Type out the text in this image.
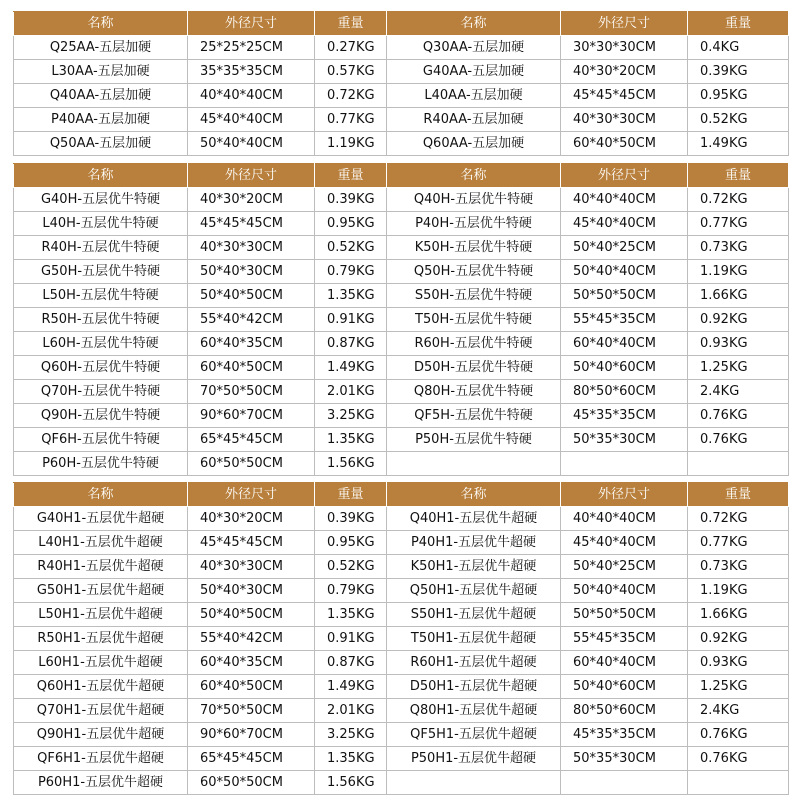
名称	外径尺寸	重量	名称	外径尺寸	重量
Q25AA-五层加硬	25*25*25CM	0.27KG	Q30AA-五层加硬	30*30*30CM	0.4KG
L30AA-五层加硬	35*35*35CM	0.57KG	G40AA-五层加硬	40*30*20CM	0.39KG
Q40AA-五层加硬	40*40*40CM	0.72KG	L40AA-五层加硬	45*45*45CM	0.95KG
P40AA-五层加硬	45*40*40CM	0.77KG	R40AA-五层加硬	40*30*30CM	0.52KG
Q50AA-五层加硬	50*40*40CM	1.19KG	Q60AA-五层加硬	60*40*50CM	1.49KG
名称	外径尺寸	重量	名称	外径尺寸	重量
G40H-五层优牛特硬	40*30*20CM	0.39KG	Q40H-五层优牛特硬	40*40*40CM	0.72KG
L40H-五层优牛特硬	45*45*45CM	0.95KG	P40H-五层优牛特硬	45*40*40CM	0.77KG
R40H-五层优牛特硬	40*30*30CM	0.52KG	K50H-五层优牛特硬	50*40*25CM	0.73KG
G50H-五层优牛特硬	50*40*30CM	0.79KG	Q50H-五层优牛特硬	50*40*40CM	1.19KG
L50H-五层优牛特硬	50*40*50CM	1.35KG	S50H-五层优牛特硬	50*50*50CM	1.66KG
R50H-五层优牛特硬	55*40*42CM	0.91KG	T50H-五层优牛特硬	55*45*35CM	0.92KG
L60H-五层优牛特硬	60*40*35CM	0.87KG	R60H-五层优牛特硬	60*40*40CM	0.93KG
Q60H-五层优牛特硬	60*40*50CM	1.49KG	D50H-五层优牛特硬	50*40*60CM	1.25KG
Q70H-五层优牛特硬	70*50*50CM	2.01KG	Q80H-五层优牛特硬	80*50*60CM	2.4KG
Q90H-五层优牛特硬	90*60*70CM	3.25KG	QF5H-五层优牛特硬	45*35*35CM	0.76KG
QF6H-五层优牛特硬	65*45*45CM	1.35KG	P50H-五层优牛特硬	50*35*30CM	0.76KG
P60H-五层优牛特硬	60*50*50CM	1.56KG			
名称	外径尺寸	重量	名称	外径尺寸	重量
G40H1-五层优牛超硬	40*30*20CM	0.39KG	Q40H1-五层优牛超硬	40*40*40CM	0.72KG
L40H1-五层优牛超硬	45*45*45CM	0.95KG	P40H1-五层优牛超硬	45*40*40CM	0.77KG
R40H1-五层优牛超硬	40*30*30CM	0.52KG	K50H1-五层优牛超硬	50*40*25CM	0.73KG
G50H1-五层优牛超硬	50*40*30CM	0.79KG	Q50H1-五层优牛超硬	50*40*40CM	1.19KG
L50H1-五层优牛超硬	50*40*50CM	1.35KG	S50H1-五层优牛超硬	50*50*50CM	1.66KG
R50H1-五层优牛超硬	55*40*42CM	0.91KG	T50H1-五层优牛超硬	55*45*35CM	0.92KG
L60H1-五层优牛超硬	60*40*35CM	0.87KG	R60H1-五层优牛超硬	60*40*40CM	0.93KG
Q60H1-五层优牛超硬	60*40*50CM	1.49KG	D50H1-五层优牛超硬	50*40*60CM	1.25KG
Q70H1-五层优牛超硬	70*50*50CM	2.01KG	Q80H1-五层优牛超硬	80*50*60CM	2.4KG
Q90H1-五层优牛超硬	90*60*70CM	3.25KG	QF5H1-五层优牛超硬	45*35*35CM	0.76KG
QF6H1-五层优牛超硬	65*45*45CM	1.35KG	P50H1-五层优牛超硬	50*35*30CM	0.76KG
P60H1-五层优牛超硬	60*50*50CM	1.56KG			
